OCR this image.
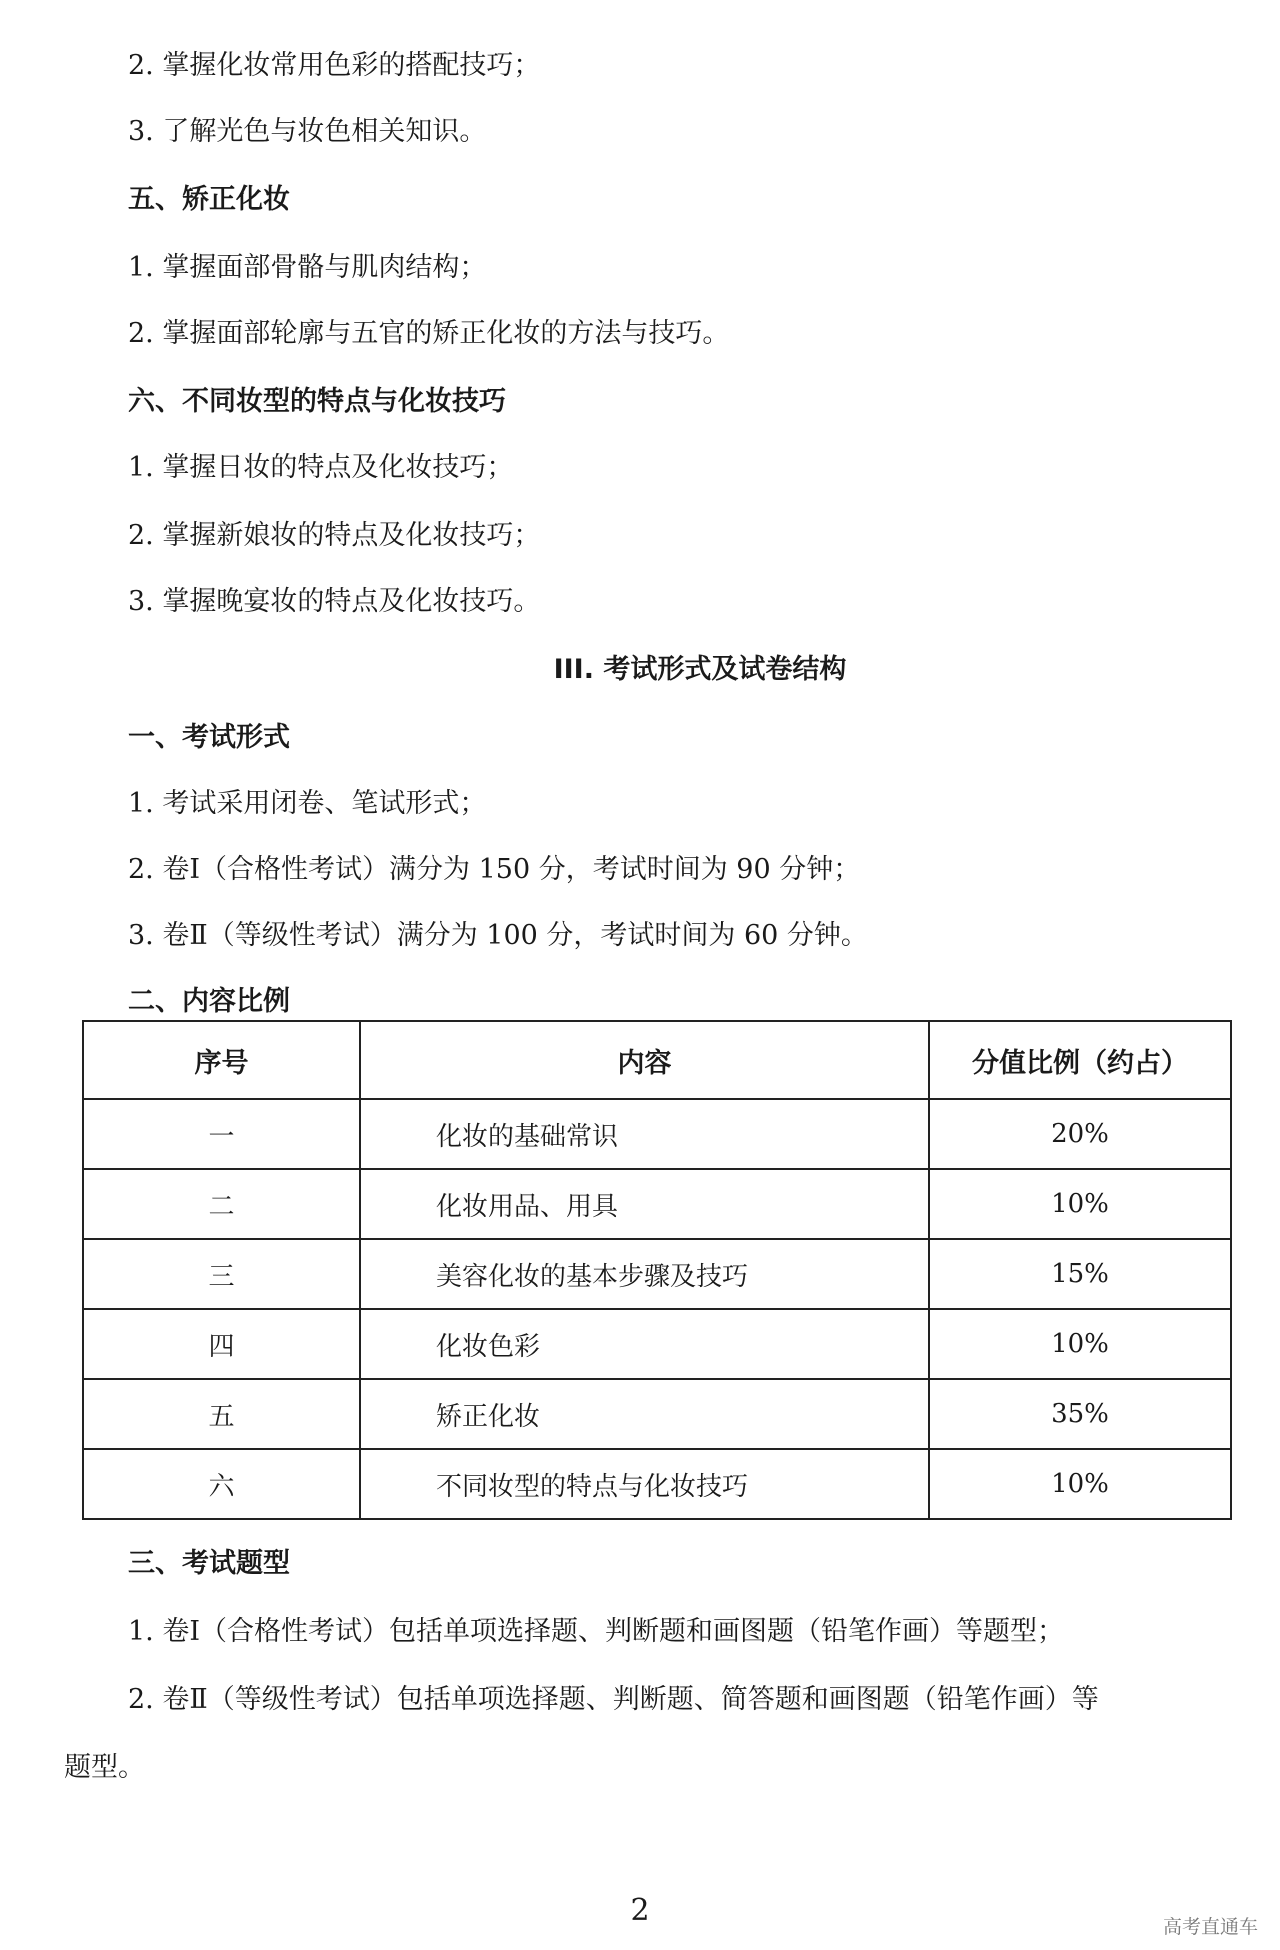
2. 掌握化妆常用色彩的搭配技巧；
3. 了解光色与妆色相关知识。
五、矫正化妆
1. 掌握面部骨骼与肌肉结构；
2. 掌握面部轮廓与五官的矫正化妆的方法与技巧。
六、不同妆型的特点与化妆技巧
1. 掌握日妆的特点及化妆技巧；
2. 掌握新娘妆的特点及化妆技巧；
3. 掌握晚宴妆的特点及化妆技巧。
III. 考试形式及试卷结构
一、考试形式
1. 考试采用闭卷、笔试形式；
2. 卷Ⅰ（合格性考试）满分为 150 分，考试时间为 90 分钟；
3. 卷Ⅱ（等级性考试）满分为 100 分，考试时间为 60 分钟。
二、内容比例
序号	内容	分值比例（约占）
一	化妆的基础常识	20%
二	化妆用品、用具	10%
三	美容化妆的基本步骤及技巧	15%
四	化妆色彩	10%
五	矫正化妆	35%
六	不同妆型的特点与化妆技巧	10%
三、考试题型
1. 卷Ⅰ（合格性考试）包括单项选择题、判断题和画图题（铅笔作画）等题型；
2. 卷Ⅱ（等级性考试）包括单项选择题、判断题、简答题和画图题（铅笔作画）等
题型。
2	高考直通车
